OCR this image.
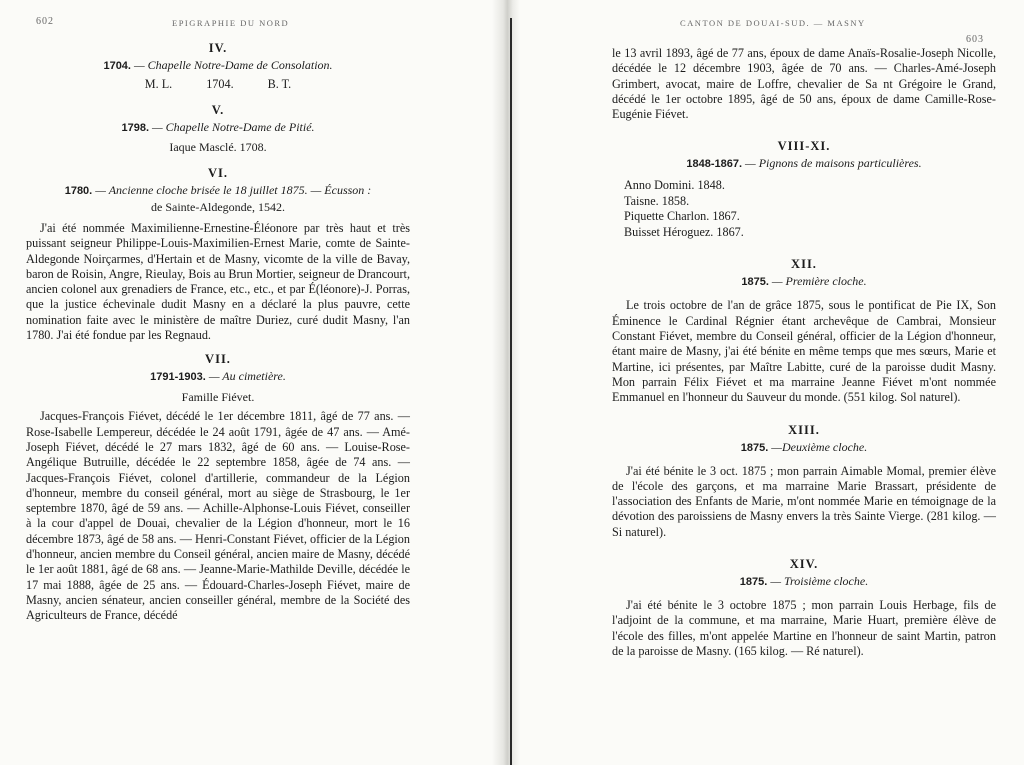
602	EPIGRAPHIE DU NORD

IV.

1704. — Chapelle Notre-Dame de Consolation.

M. L.	1704.	B. T.

V.

1798. — Chapelle Notre-Dame de Pitié.

Iaque Masclé. 1708.

VI.

1780. — Ancienne cloche brisée le 18 juillet 1875. — Écusson :

de Sainte-Aldegonde, 1542.

J'ai été nommée Maximilienne-Ernestine-Éléonore par très haut et très puissant seigneur Philippe-Louis-Maximilien-Ernest Marie, comte de Sainte-Aldegonde Noirçarmes, d'Hertain et de Masny, vicomte de la ville de Bavay, baron de Roisin, Angre, Rieulay, Bois au Brun Mortier, seigneur de Drancourt, ancien colonel aux grenadiers de France, etc., etc., et par É(léonore)-J. Porras, que la justice échevinale dudit Masny en a déclaré la plus pauvre, cette nomination faite avec le ministère de maître Duriez, curé dudit Masny, l'an 1780. J'ai été fondue par les Regnaud.

VII.

1791-1903. — Au cimetière.

Famille Fiévet.

Jacques-François Fiévet, décédé le 1er décembre 1811, âgé de 77 ans. — Rose-Isabelle Lempereur, décédée le 24 août 1791, âgée de 47 ans. — Amé-Joseph Fiévet, décédé le 27 mars 1832, âgé de 60 ans. — Louise-Rose-Angélique Butruille, décédée le 22 septembre 1858, âgée de 74 ans. — Jacques-François Fiévet, colonel d'artillerie, commandeur de la Légion d'honneur, membre du conseil général, mort au siège de Strasbourg, le 1er septembre 1870, âgé de 59 ans. — Achille-Alphonse-Louis Fiévet, conseiller à la cour d'appel de Douai, chevalier de la Légion d'honneur, mort le 16 décembre 1873, âgé de 58 ans. — Henri-Constant Fiévet, officier de la Légion d'honneur, ancien membre du Conseil général, ancien maire de Masny, décédé le 1er août 1881, âgé de 68 ans. — Jeanne-Marie-Mathilde Deville, décédée le 17 mai 1888, âgée de 25 ans. — Édouard-Charles-Joseph Fiévet, maire de Masny, ancien sénateur, ancien conseiller général, membre de la Société des Agriculteurs de France, décédé

CANTON DE DOUAI-SUD. — MASNY
603

le 13 avril 1893, âgé de 77 ans, époux de dame Anaïs-Rosalie-Joseph Nicolle, décédée le 12 décembre 1903, âgée de 70 ans. — Charles-Amé-Joseph Grimbert, avocat, maire de Loffre, chevalier de Sa nt Grégoire le Grand, décédé le 1er octobre 1895, âgé de 50 ans, époux de dame Camille-Rose-Eugénie Fiévet.

VIII-XI.

1848-1867. — Pignons de maisons particulières.

Anno Domini. 1848.

Taisne. 1858.

Piquette Charlon. 1867.

Buisset Héroguez. 1867.

XII.

1875. — Première cloche.

Le trois octobre de l'an de grâce 1875, sous le pontificat de Pie IX, Son Éminence le Cardinal Régnier étant archevêque de Cambrai, Monsieur Constant Fiévet, membre du Conseil général, officier de la Légion d'honneur, étant maire de Masny, j'ai été bénite en même temps que mes sœurs, Marie et Martine, ici présentes, par Maître Labitte, curé de la paroisse dudit Masny. Mon parrain Félix Fiévet et ma marraine Jeanne Fiévet m'ont nommée Emmanuel en l'honneur du Sauveur du monde. (551 kilog. Sol naturel).

XIII.

1875. —Deuxième cloche.

J'ai été bénite le 3 oct. 1875 ; mon parrain Aimable Momal, premier élève de l'école des garçons, et ma marraine Marie Brassart, présidente de l'association des Enfants de Marie, m'ont nommée Marie en témoignage de la dévotion des paroissiens de Masny envers la très Sainte Vierge. (281 kilog. — Si naturel).

XIV.

1875. — Troisième cloche.

J'ai été bénite le 3 octobre 1875 ; mon parrain Louis Herbage, fils de l'adjoint de la commune, et ma marraine, Marie Huart, première élève de l'école des filles, m'ont appelée Martine en l'honneur de saint Martin, patron de la paroisse de Masny. (165 kilog. — Ré naturel).
